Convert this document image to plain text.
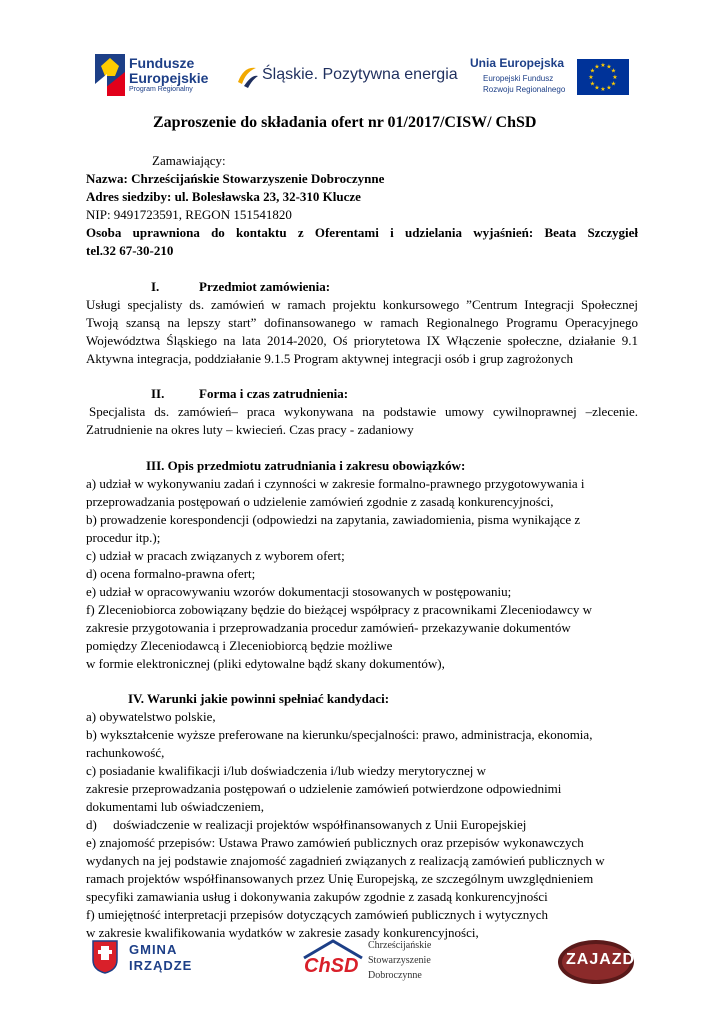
Fundusze Europejskie
Program Regionalny
Śląskie. Pozytywna energia
Unia Europejska
Europejski Fundusz
Rozwoju Regionalnego
★ ★
★
★
★
★
★
★
★
★
★
★
Zaproszenie do składania ofert nr 01/2017/CISW/ ChSD
Zamawiający:
Nazwa: Chrześcijańskie Stowarzyszenie Dobroczynne
Adres siedziby: ul. Bolesławska 23, 32-310 Klucze
NIP: 9491723591, REGON 151541820
Osoba uprawniona do kontaktu z Oferentami i udzielania wyjaśnień: Beata Szczygieł
tel.32 67-30-210
I.	Przedmiot zamówienia:
Usługi specjalisty ds. zamówień w ramach projektu konkursowego ”Centrum Integracji Społecznej
Twoją szansą na lepszy start” dofinansowanego w ramach Regionalnego Programu Operacyjnego
Województwa Śląskiego na lata 2014-2020, Oś priorytetowa IX Włączenie społeczne, działanie 9.1
Aktywna integracja, poddziałanie 9.1.5 Program aktywnej integracji osób i grup zagrożonych
II.	Forma i czas zatrudnienia:
Specjalista ds. zamówień– praca wykonywana na podstawie umowy cywilnoprawnej –zlecenie.
Zatrudnienie na okres luty – kwiecień. Czas pracy - zadaniowy
III. Opis przedmiotu zatrudniania i zakresu obowiązków:
a) udział w wykonywaniu zadań i czynności w zakresie formalno-prawnego przygotowywania i
przeprowadzania postępowań o udzielenie zamówień zgodnie z zasadą konkurencyjności,
b) prowadzenie korespondencji (odpowiedzi na zapytania, zawiadomienia, pisma wynikające z
procedur itp.);
c) udział w pracach związanych z wyborem ofert;
d) ocena formalno-prawna ofert;
e) udział w opracowywaniu wzorów dokumentacji stosowanych w postępowaniu;
f) Zleceniobiorca zobowiązany będzie do bieżącej współpracy z pracownikami Zleceniodawcy w
zakresie przygotowania i przeprowadzania procedur zamówień- przekazywanie dokumentów
pomiędzy Zleceniodawcą i Zleceniobiorcą będzie możliwe
w formie elektronicznej (pliki edytowalne bądź skany dokumentów),
IV. Warunki jakie powinni spełniać kandydaci:
a) obywatelstwo polskie,
b) wykształcenie wyższe preferowane na kierunku/specjalności: prawo, administracja, ekonomia,
rachunkowość,
c) posiadanie kwalifikacji i/lub doświadczenia i/lub wiedzy merytorycznej w
zakresie przeprowadzania postępowań o udzielenie zamówień potwierdzone odpowiednimi
dokumentami lub oświadczeniem,
d)     doświadczenie w realizacji projektów współfinansowanych z Unii Europejskiej
e) znajomość przepisów: Ustawa Prawo zamówień publicznych oraz przepisów wykonawczych
wydanych na jej podstawie znajomość zagadnień związanych z realizacją zamówień publicznych w
ramach projektów współfinansowanych przez Unię Europejską, ze szczególnym uwzględnieniem
specyfiki zamawiania usług i dokonywania zakupów zgodnie z zasadą konkurencyjności
f) umiejętność interpretacji przepisów dotyczących zamówień publicznych i wytycznych
w zakresie kwalifikowania wydatków w zakresie zasady konkurencyjności,
GMINA
IRZĄDZE	ChSD
Chrześcijańskie
Stowarzyszenie
Dobroczynne
ZAJAZD
